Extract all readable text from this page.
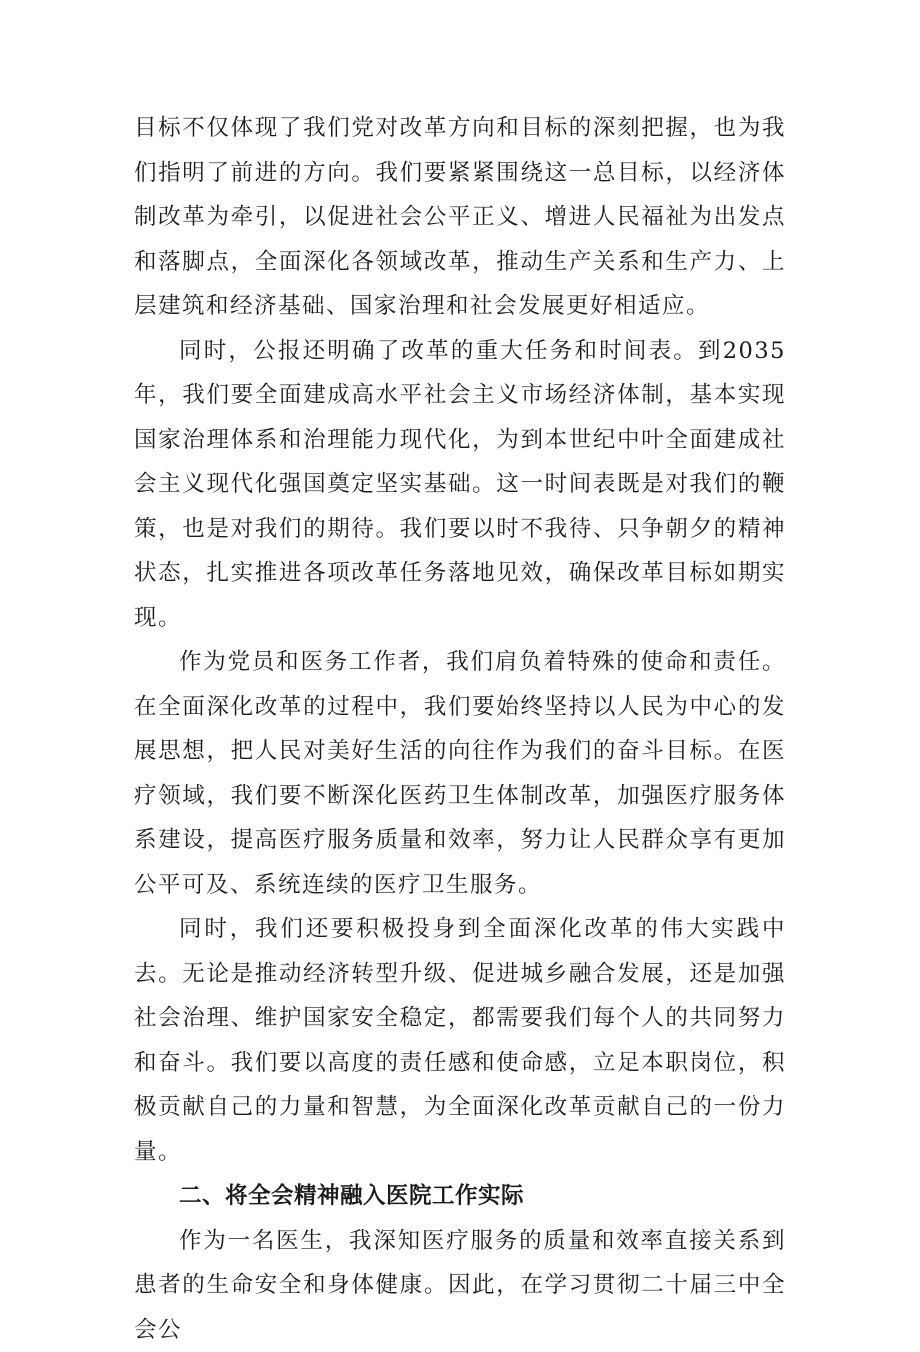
目标不仅体现了我们党对改革方向和目标的深刻把握，也为我们指明了前进的方向。我们要紧紧围绕这一总目标，以经济体制改革为牵引，以促进社会公平正义、增进人民福祉为出发点和落脚点，全面深化各领域改革，推动生产关系和生产力、上层建筑和经济基础、国家治理和社会发展更好相适应。

同时，公报还明确了改革的重大任务和时间表。到2035年，我们要全面建成高水平社会主义市场经济体制，基本实现国家治理体系和治理能力现代化，为到本世纪中叶全面建成社会主义现代化强国奠定坚实基础。这一时间表既是对我们的鞭策，也是对我们的期待。我们要以时不我待、只争朝夕的精神状态，扎实推进各项改革任务落地见效，确保改革目标如期实现。

作为党员和医务工作者，我们肩负着特殊的使命和责任。在全面深化改革的过程中，我们要始终坚持以人民为中心的发展思想，把人民对美好生活的向往作为我们的奋斗目标。在医疗领域，我们要不断深化医药卫生体制改革，加强医疗服务体系建设，提高医疗服务质量和效率，努力让人民群众享有更加公平可及、系统连续的医疗卫生服务。

同时，我们还要积极投身到全面深化改革的伟大实践中去。无论是推动经济转型升级、促进城乡融合发展，还是加强社会治理、维护国家安全稳定，都需要我们每个人的共同努力和奋斗。我们要以高度的责任感和使命感，立足本职岗位，积极贡献自己的力量和智慧，为全面深化改革贡献自己的一份力量。

二、将全会精神融入医院工作实际

作为一名医生，我深知医疗服务的质量和效率直接关系到患者的生命安全和身体健康。因此，在学习贯彻二十届三中全会公
